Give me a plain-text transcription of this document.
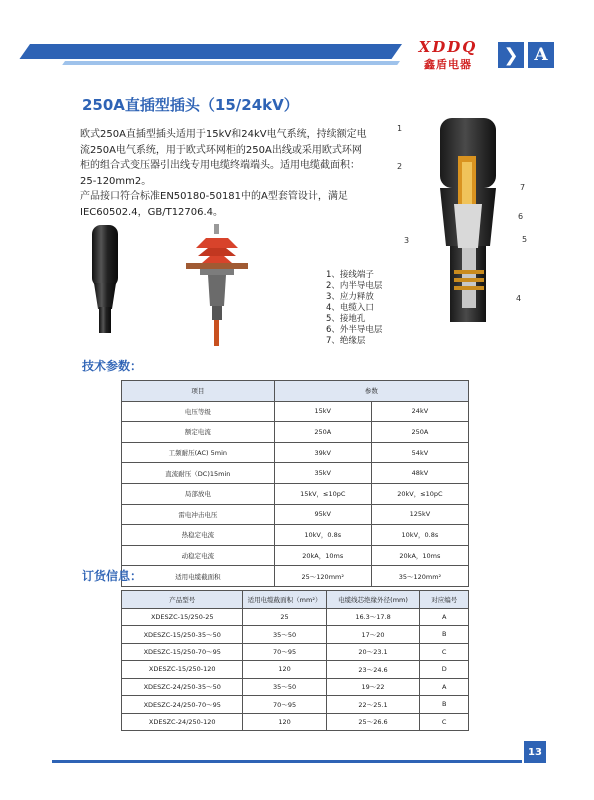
XDDQ
鑫盾电器	❯ A
250A直插型插头（15/24kV）

欧式250A直插型插头适用于15kV和24kV电气系统，持续额定电

流250A电气系统，用于欧式环网柜的250A出线或采用欧式环网

柜的组合式变压器引出线专用电缆终端端头。适用电缆截面积：

25-120mm2。

产品接口符合标准EN50180-50181中的A型套管设计，满足

IEC60502.4，GB/T12706.4。

1
2
3
4
5
6
7
1、接线端子
2、内半导电层
3、应力释放
4、电缆入口
5、接地孔
6、外半导电层
7、绝缘层
技术参数：
项目	参数	
电压等级	15kV	24kV
额定电流	250A	250A
工频耐压(AC) 5min	39kV	54kV
直流耐压（DC)15min	35kV	48kV
局部放电	15kV，≤10pC	20kV，≤10pC
雷电冲击电压	95kV	125kV
热稳定电流	10kV，0.8s	10kV，0.8s
动稳定电流	20kA，10ms	20kA，10ms
适用电缆截面积	25～120mm²	35～120mm²
订货信息：
产品型号	适用电缆截面积（mm²）	电缆线芯绝缘外径(mm)	对应编号
XDESZC-15/250-25	25	16.3～17.8	A
XDESZC-15/250-35～50	35～50	17～20	B
XDESZC-15/250-70～95	70～95	20～23.1	C
XDESZC-15/250-120	120	23～24.6	D
XDESZC-24/250-35～50	35～50	19～22	A
XDESZC-24/250-70～95	70～95	22～25.1	B
XDESZC-24/250-120	120	25～26.6	C
13
